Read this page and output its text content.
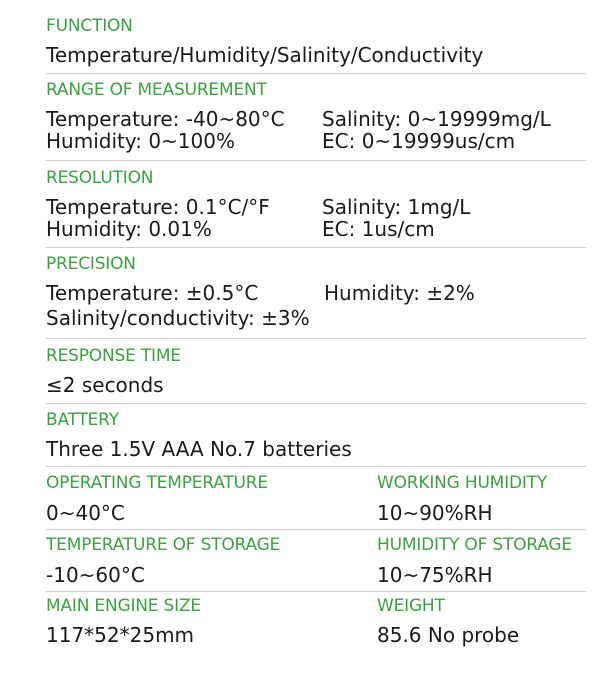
FUNCTION
Temperature/Humidity/Salinity/Conductivity
RANGE OF MEASUREMENT
Temperature: -40~80°C Salinity: 0~19999mg/L
Humidity: 0~100%	EC: 0~19999us/cm
RESOLUTION
Temperature: 0.1°C/°F	Salinity: 1mg/L
Humidity: 0.01%	EC: 1us/cm
PRECISION
Temperature: ±0.5°C	Humidity: ±2%
Salinity/conductivity: ±3%
RESPONSE TIME
≤2 seconds
BATTERY
Three 1.5V AAA No.7 batteries
OPERATING TEMPERATURE	WORKING HUMIDITY
0~40°C	10~90%RH
TEMPERATURE OF STORAGE	HUMIDITY OF STORAGE
-10~60°C	10~75%RH
MAIN ENGINE SIZE	WEIGHT
117*52*25mm	85.6 No probe
